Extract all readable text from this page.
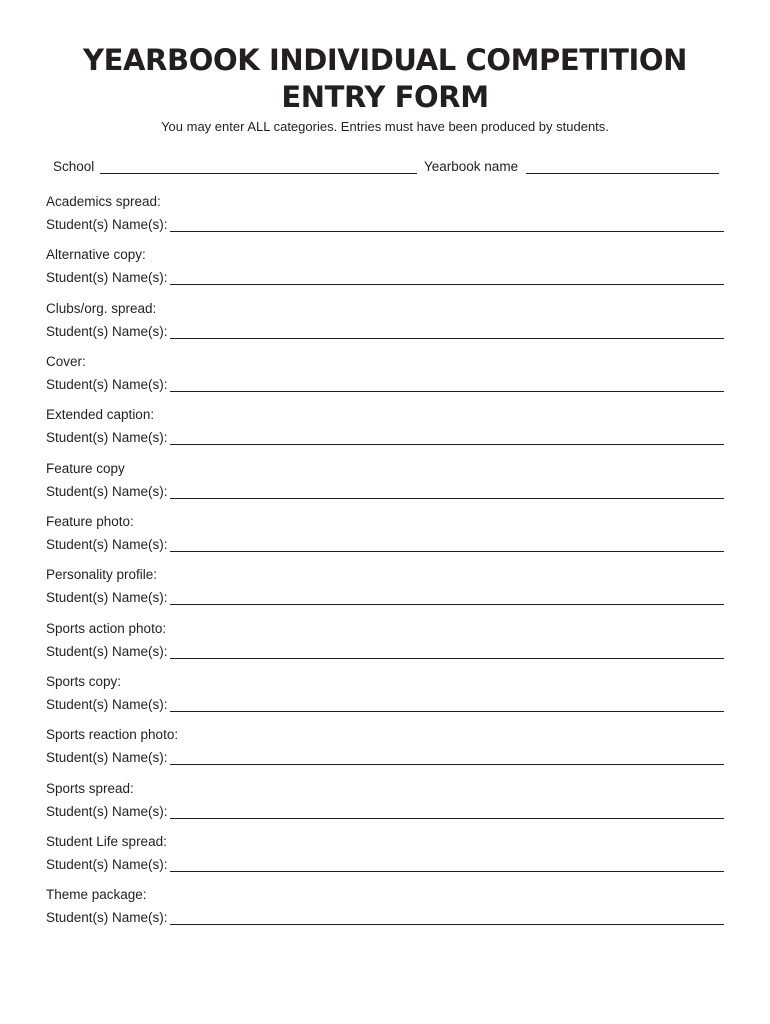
YEARBOOK INDIVIDUAL COMPETITION
ENTRY FORM
You may enter ALL categories. Entries must have been produced by students.
School	Yearbook name
Academics spread:
Student(s) Name(s):
Alternative copy:
Student(s) Name(s):
Clubs/org. spread:
Student(s) Name(s):
Cover:
Student(s) Name(s):
Extended caption:
Student(s) Name(s):
Feature copy
Student(s) Name(s):
Feature photo:
Student(s) Name(s):
Personality profile:
Student(s) Name(s):
Sports action photo:
Student(s) Name(s):
Sports copy:
Student(s) Name(s):
Sports reaction photo:
Student(s) Name(s):
Sports spread:
Student(s) Name(s):
Student Life spread:
Student(s) Name(s):
Theme package:
Student(s) Name(s):
